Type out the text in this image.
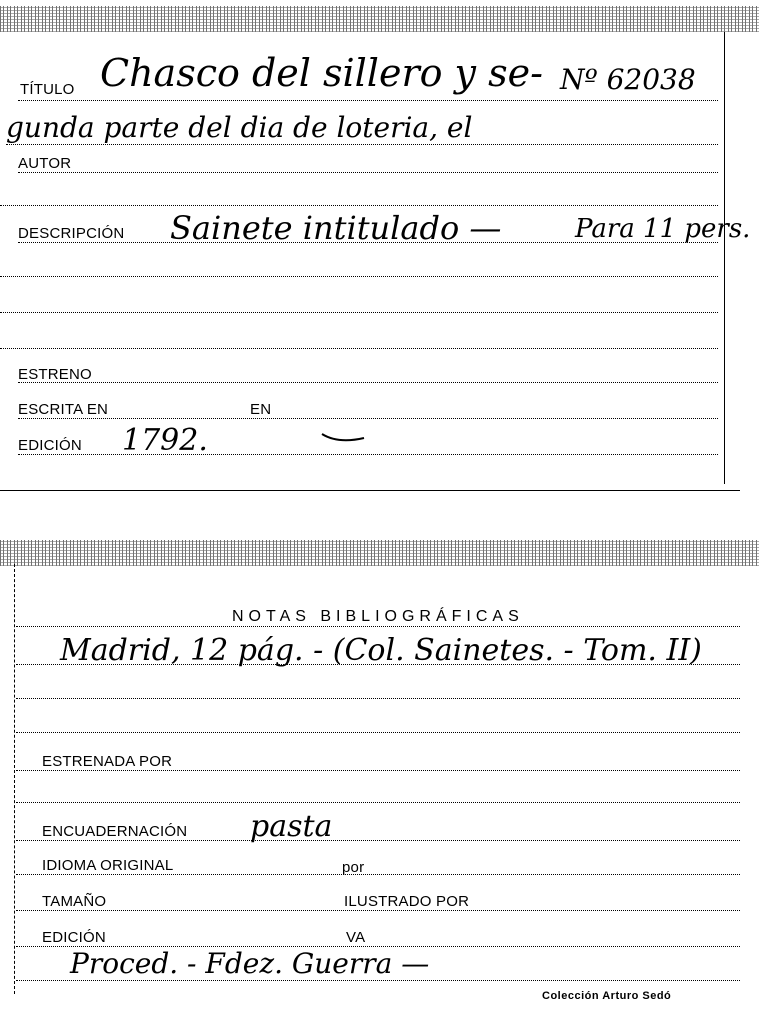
TÍTULO Chasco del sillero y se- Nº 62038
gunda parte del dia de loteria, el
AUTOR
DESCRIPCIÓN Sainete intitulado —	Para 11 pers.
ESTRENO
ESCRITA EN	EN
EDICIÓN 1792.
NOTAS BIBLIOGRÁFICAS
Madrid, 12 pág. - (Col. Sainetes. - Tom. II)
ESTRENADA POR
ENCUADERNACIÓN pasta
IDIOMA ORIGINAL	por
TAMAÑO	ILUSTRADO POR
EDICIÓN	VA
Proced. - Fdez. Guerra —
Colección Arturo Sedó
